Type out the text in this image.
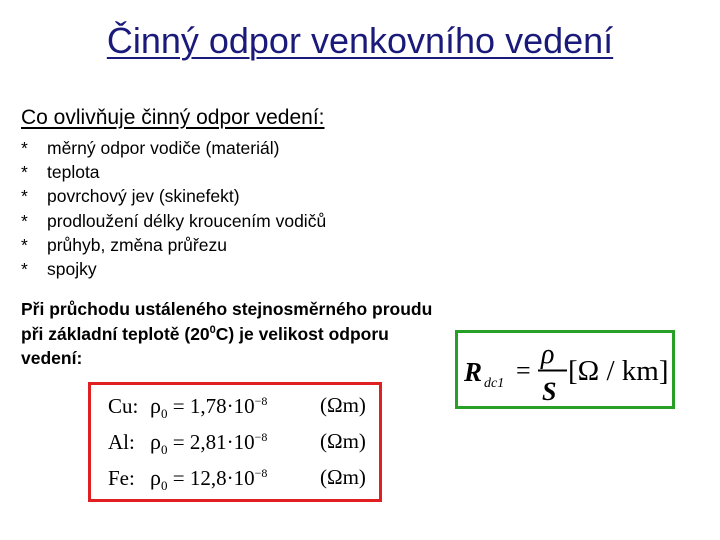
Činný odpor venkovního vedení
Co ovlivňuje činný odpor vedení:
*	měrný odpor vodiče (materiál)
*	teplota
*	povrchový jev (skinefekt)
*	prodloužení délky kroucením vodičů
*	průhyb, změna průřezu
*	spojky
Při průchodu ustáleného stejnosměrného proudu při základní teplotě $(20^0C)$ je velikost odporu vedení:	R dc1 =
ρ
S
[Ω / km]
Cu: $\rho_0 = 1,78\cdot 10^{-8}$	(Ωm)
Al: $\rho_0 = 2,81\cdot 10^{-8}$	(Ωm)
Fe: $\rho_0 = 12,8\cdot 10^{-8}$	(Ωm)
